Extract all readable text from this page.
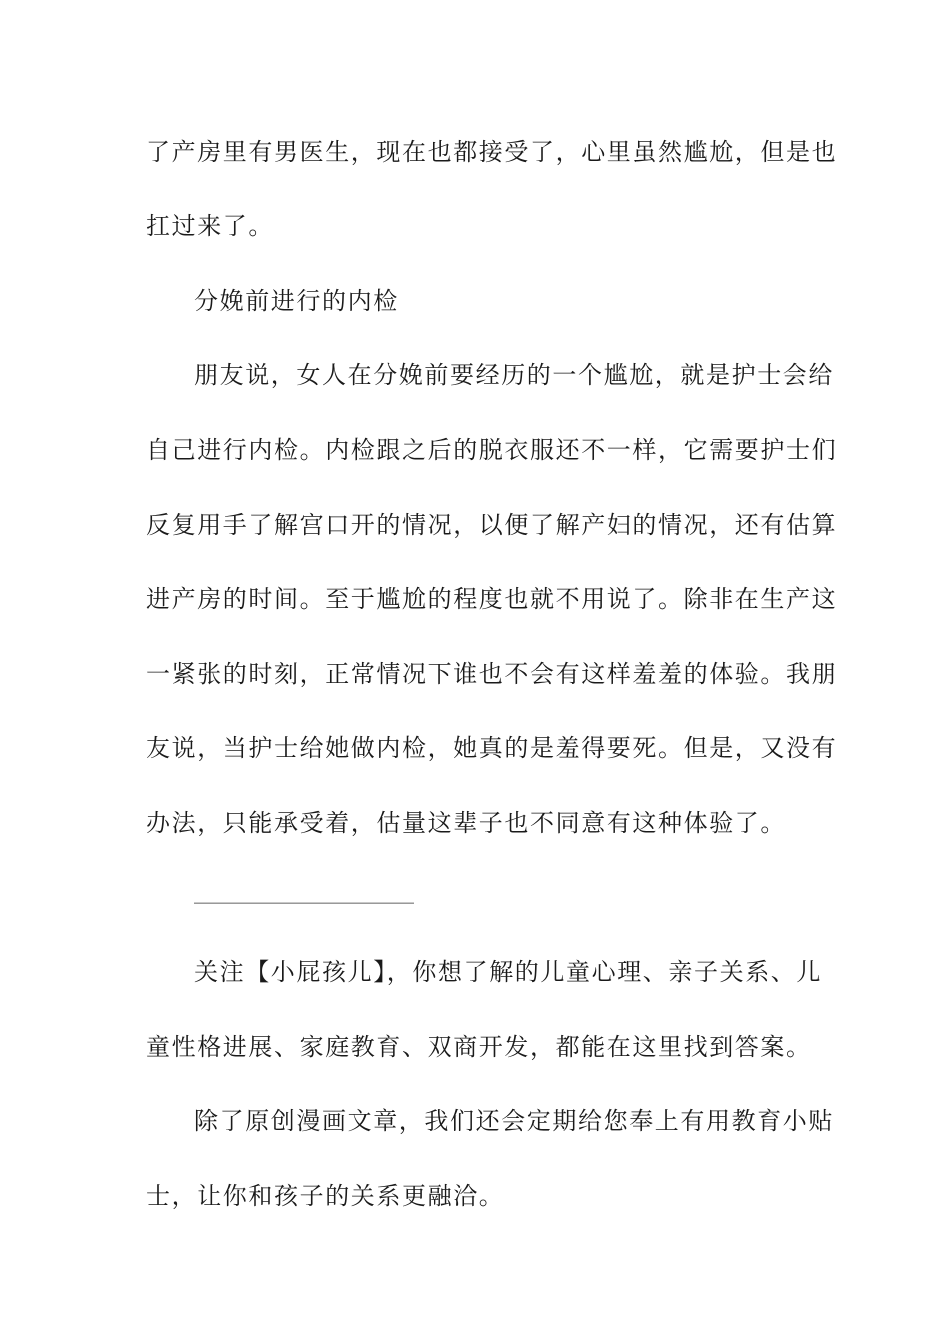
了产房里有男医生，现在也都接受了，心里虽然尴尬，但是也
扛过来了。
分娩前进行的内检
朋友说，女人在分娩前要经历的一个尴尬，就是护士会给
自己进行内检。内检跟之后的脱衣服还不一样，它需要护士们
反复用手了解宫口开的情况，以便了解产妇的情况，还有估算
进产房的时间。至于尴尬的程度也就不用说了。除非在生产这
一紧张的时刻，正常情况下谁也不会有这样羞羞的体验。我朋
友说，当护士给她做内检，她真的是羞得要死。但是，又没有
办法，只能承受着，估量这辈子也不同意有这种体验了。
______________________
关注【小屁孩儿】，你想了解的儿童心理、亲子关系、儿
童性格进展、家庭教育、双商开发，都能在这里找到答案。
除了原创漫画文章，我们还会定期给您奉上有用教育小贴
士，让你和孩子的关系更融洽。
